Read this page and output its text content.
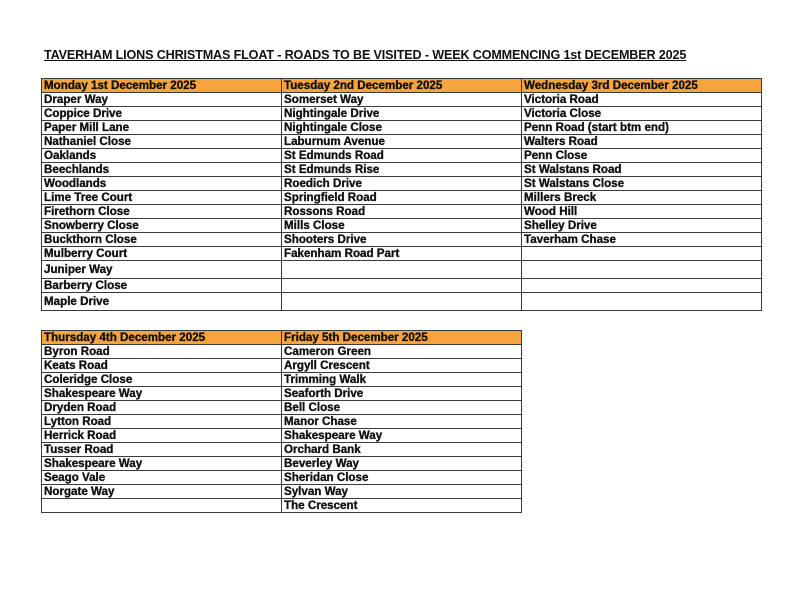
TAVERHAM LIONS CHRISTMAS FLOAT - ROADS TO BE VISITED - WEEK COMMENCING 1st DECEMBER 2025
Monday 1st December 2025	Tuesday 2nd December 2025	Wednesday 3rd December 2025
Draper Way	Somerset Way	Victoria Road
Coppice Drive	Nightingale Drive	Victoria Close
Paper Mill Lane	Nightingale Close	Penn Road (start btm end)
Nathaniel Close	Laburnum Avenue	Walters Road
Oaklands	St Edmunds Road	Penn Close
Beechlands	St Edmunds Rise	St Walstans Road
Woodlands	Roedich Drive	St Walstans Close
Lime Tree Court	Springfield Road	Millers Breck
Firethorn Close	Rossons Road	Wood Hill
Snowberry Close	Mills Close	Shelley Drive
Buckthorn Close	Shooters Drive	Taverham Chase
Mulberry Court	Fakenham Road Part	
Juniper Way		
Barberry Close		
Maple Drive		
Thursday 4th December 2025	Friday 5th December 2025
Byron Road	Cameron Green
Keats Road	Argyll Crescent
Coleridge Close	Trimming Walk
Shakespeare Way	Seaforth Drive
Dryden Road	Bell Close
Lytton Road	Manor Chase
Herrick Road	Shakespeare Way
Tusser Road	Orchard Bank
Shakespeare Way	Beverley Way
Seago Vale	Sheridan Close
Norgate Way	Sylvan Way
	The Crescent
